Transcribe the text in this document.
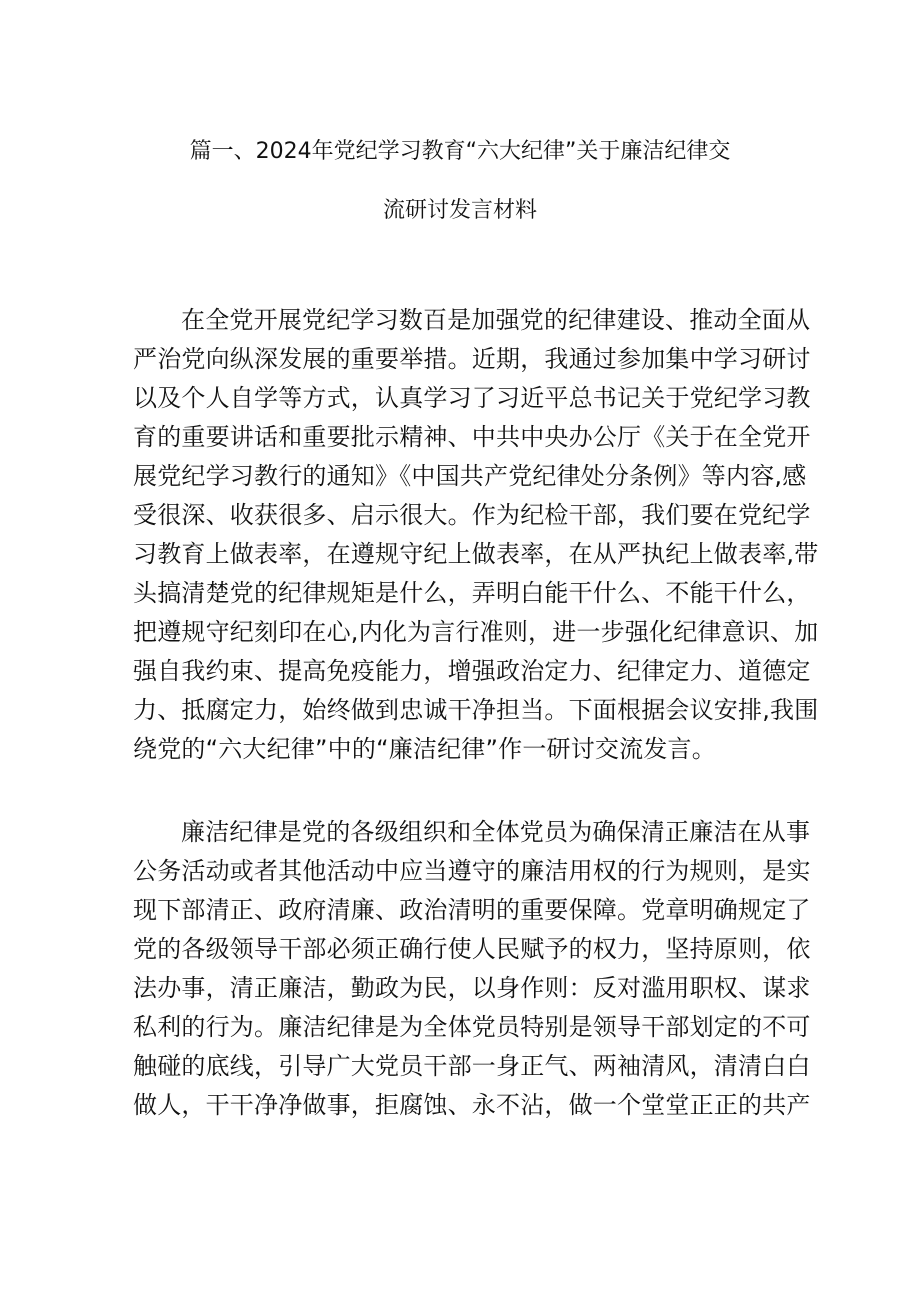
篇一、2024年党纪学习教育“六大纪律”关于廉洁纪律交
流研讨发言材料
在全党开展党纪学习数百是加强党的纪律建设、推动全面从
严治党向纵深发展的重要举措。近期，我通过参加集中学习研讨
以及个人自学等方式，认真学习了习近平总书记关于党纪学习教
育的重要讲话和重要批示精神、中共中央办公厅《关于在全党开
展党纪学习教行的通知》《中国共产党纪律处分条例》等内容,感
受很深、收获很多、启示很大。作为纪检干部，我们要在党纪学
习教育上做表率，在遵规守纪上做表率，在从严执纪上做表率,带
头搞清楚党的纪律规矩是什么，弄明白能干什么、不能干什么，
把遵规守纪刻印在心,内化为言行准则，进一步强化纪律意识、加
强自我约束、提高免疫能力，增强政治定力、纪律定力、道德定
力、抵腐定力，始终做到忠诚干净担当。下面根据会议安排,我围
绕党的“六大纪律”中的“廉洁纪律”作一研讨交流发言。
廉洁纪律是党的各级组织和全体党员为确保清正廉洁在从事
公务活动或者其他活动中应当遵守的廉洁用权的行为规则，是实
现下部清正、政府清廉、政治清明的重要保障。党章明确规定了
党的各级领导干部必须正确行使人民赋予的权力，坚持原则，依
法办事，清正廉洁，勤政为民，以身作则：反对滥用职权、谋求
私利的行为。廉洁纪律是为全体党员特别是领导干部划定的不可
触碰的底线，引导广大党员干部一身正气、两袖清风，清清白白
做人，干干净净做事，拒腐蚀、永不沾，做一个堂堂正正的共产
